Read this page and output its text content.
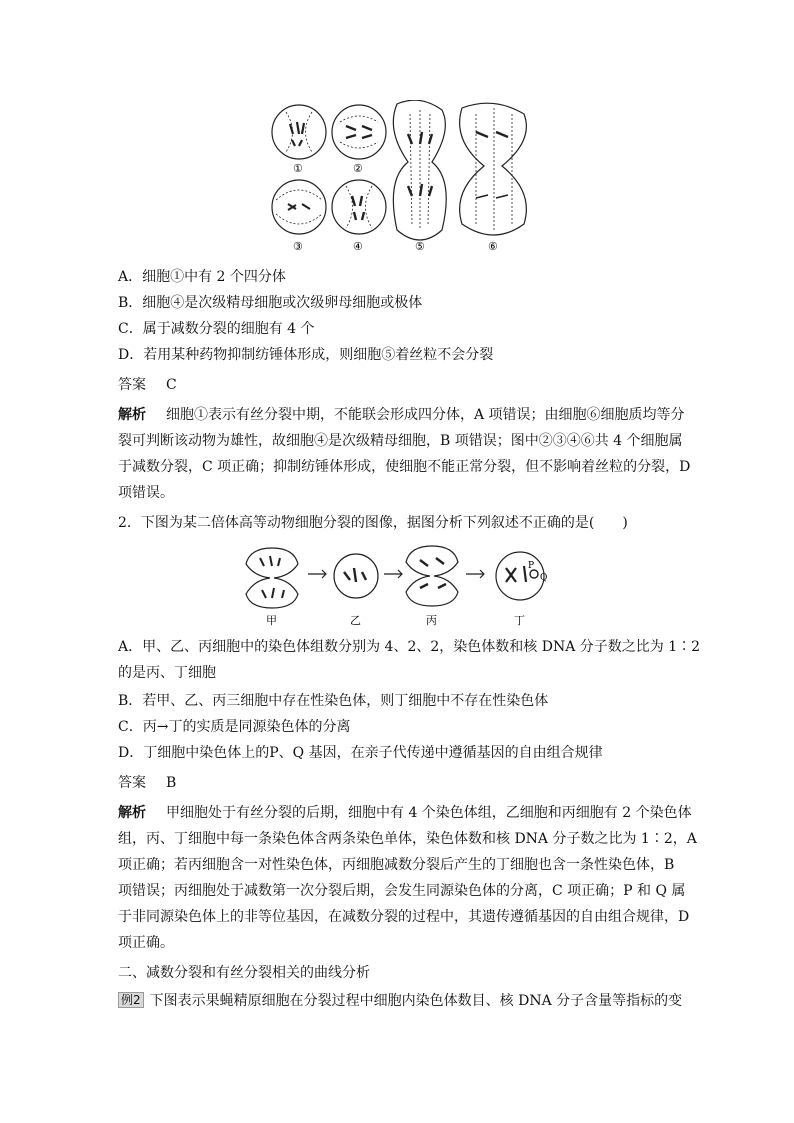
①	②
③	④	⑤	⑥
A．细胞①中有 2 个四分体
B．细胞④是次级精母细胞或次级卵母细胞或极体
C．属于减数分裂的细胞有 4 个
D．若用某种药物抑制纺锤体形成，则细胞⑤着丝粒不会分裂
答案 C
解析 细胞①表示有丝分裂中期，不能联会形成四分体，A 项错误；由细胞⑥细胞质均等分
裂可判断该动物为雄性，故细胞④是次级精母细胞，B 项错误；图中②③④⑥共 4 个细胞属
于减数分裂，C 项正确；抑制纺锤体形成，使细胞不能正常分裂，但不影响着丝粒的分裂，D
项错误。
2．下图为某二倍体高等动物细胞分裂的图像，据图分析下列叙述不正确的是(　　)
P
Q
甲	乙	丙	丁
A．甲、乙、丙细胞中的染色体组数分别为 4、2、2，染色体数和核 DNA 分子数之比为 1∶2
的是丙、丁细胞
B．若甲、乙、丙三细胞中存在性染色体，则丁细胞中不存在性染色体
C．丙→丁的实质是同源染色体的分离
D．丁细胞中染色体上的P、Q 基因，在亲子代传递中遵循基因的自由组合规律
答案 B
解析 甲细胞处于有丝分裂的后期，细胞中有 4 个染色体组，乙细胞和丙细胞有 2 个染色体
组，丙、丁细胞中每一条染色体含两条染色单体，染色体数和核 DNA 分子数之比为 1∶2，A
项正确；若丙细胞含一对性染色体，丙细胞减数分裂后产生的丁细胞也含一条性染色体，B
项错误；丙细胞处于减数第一次分裂后期，会发生同源染色体的分离，C 项正确；P 和 Q 属
于非同源染色体上的非等位基因，在减数分裂的过程中，其遗传遵循基因的自由组合规律，D
项正确。
二、减数分裂和有丝分裂相关的曲线分析
例2 下图表示果蝇精原细胞在分裂过程中细胞内染色体数目、核 DNA 分子含量等指标的变
